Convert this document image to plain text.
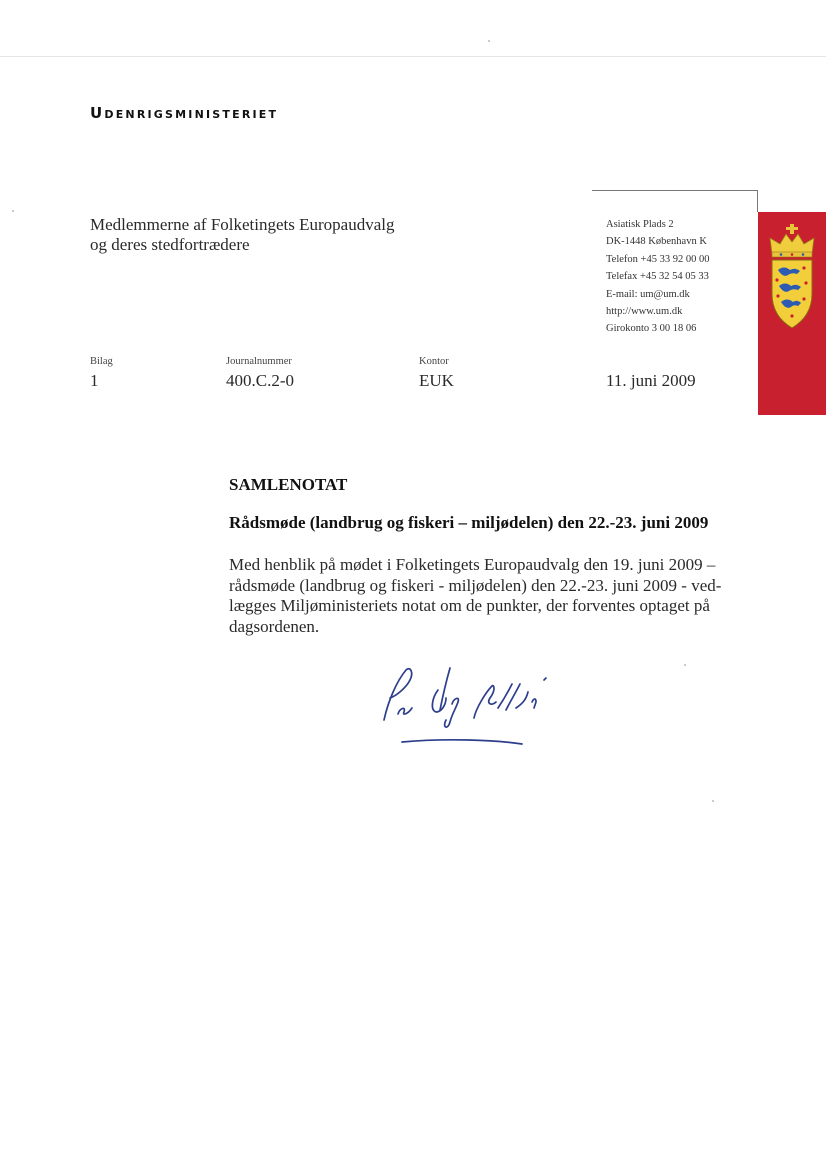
Udenrigsministeriet
Medlemmerne af Folketingets Europaudvalg
og deres stedfortrædere
Asiatisk Plads 2
DK-1448 København K
Telefon +45 33 92 00 00
Telefax +45 32 54 05 33
E-mail: um@um.dk
http://www.um.dk
Girokonto 3 00 18 06
Bilag
1
Journalnummer
400.C.2-0
Kontor
EUK	11. juni 2009
SAMLENOTAT
Rådsmøde (landbrug og fiskeri – miljødelen) den 22.-23. juni 2009
Med henblik på mødet i Folketingets Europaudvalg den 19. juni 2009 –
rådsmøde (landbrug og fiskeri - miljødelen) den 22.-23. juni 2009 - ved-
lægges Miljøministeriets notat om de punkter, der forventes optaget på
dagsordenen.
